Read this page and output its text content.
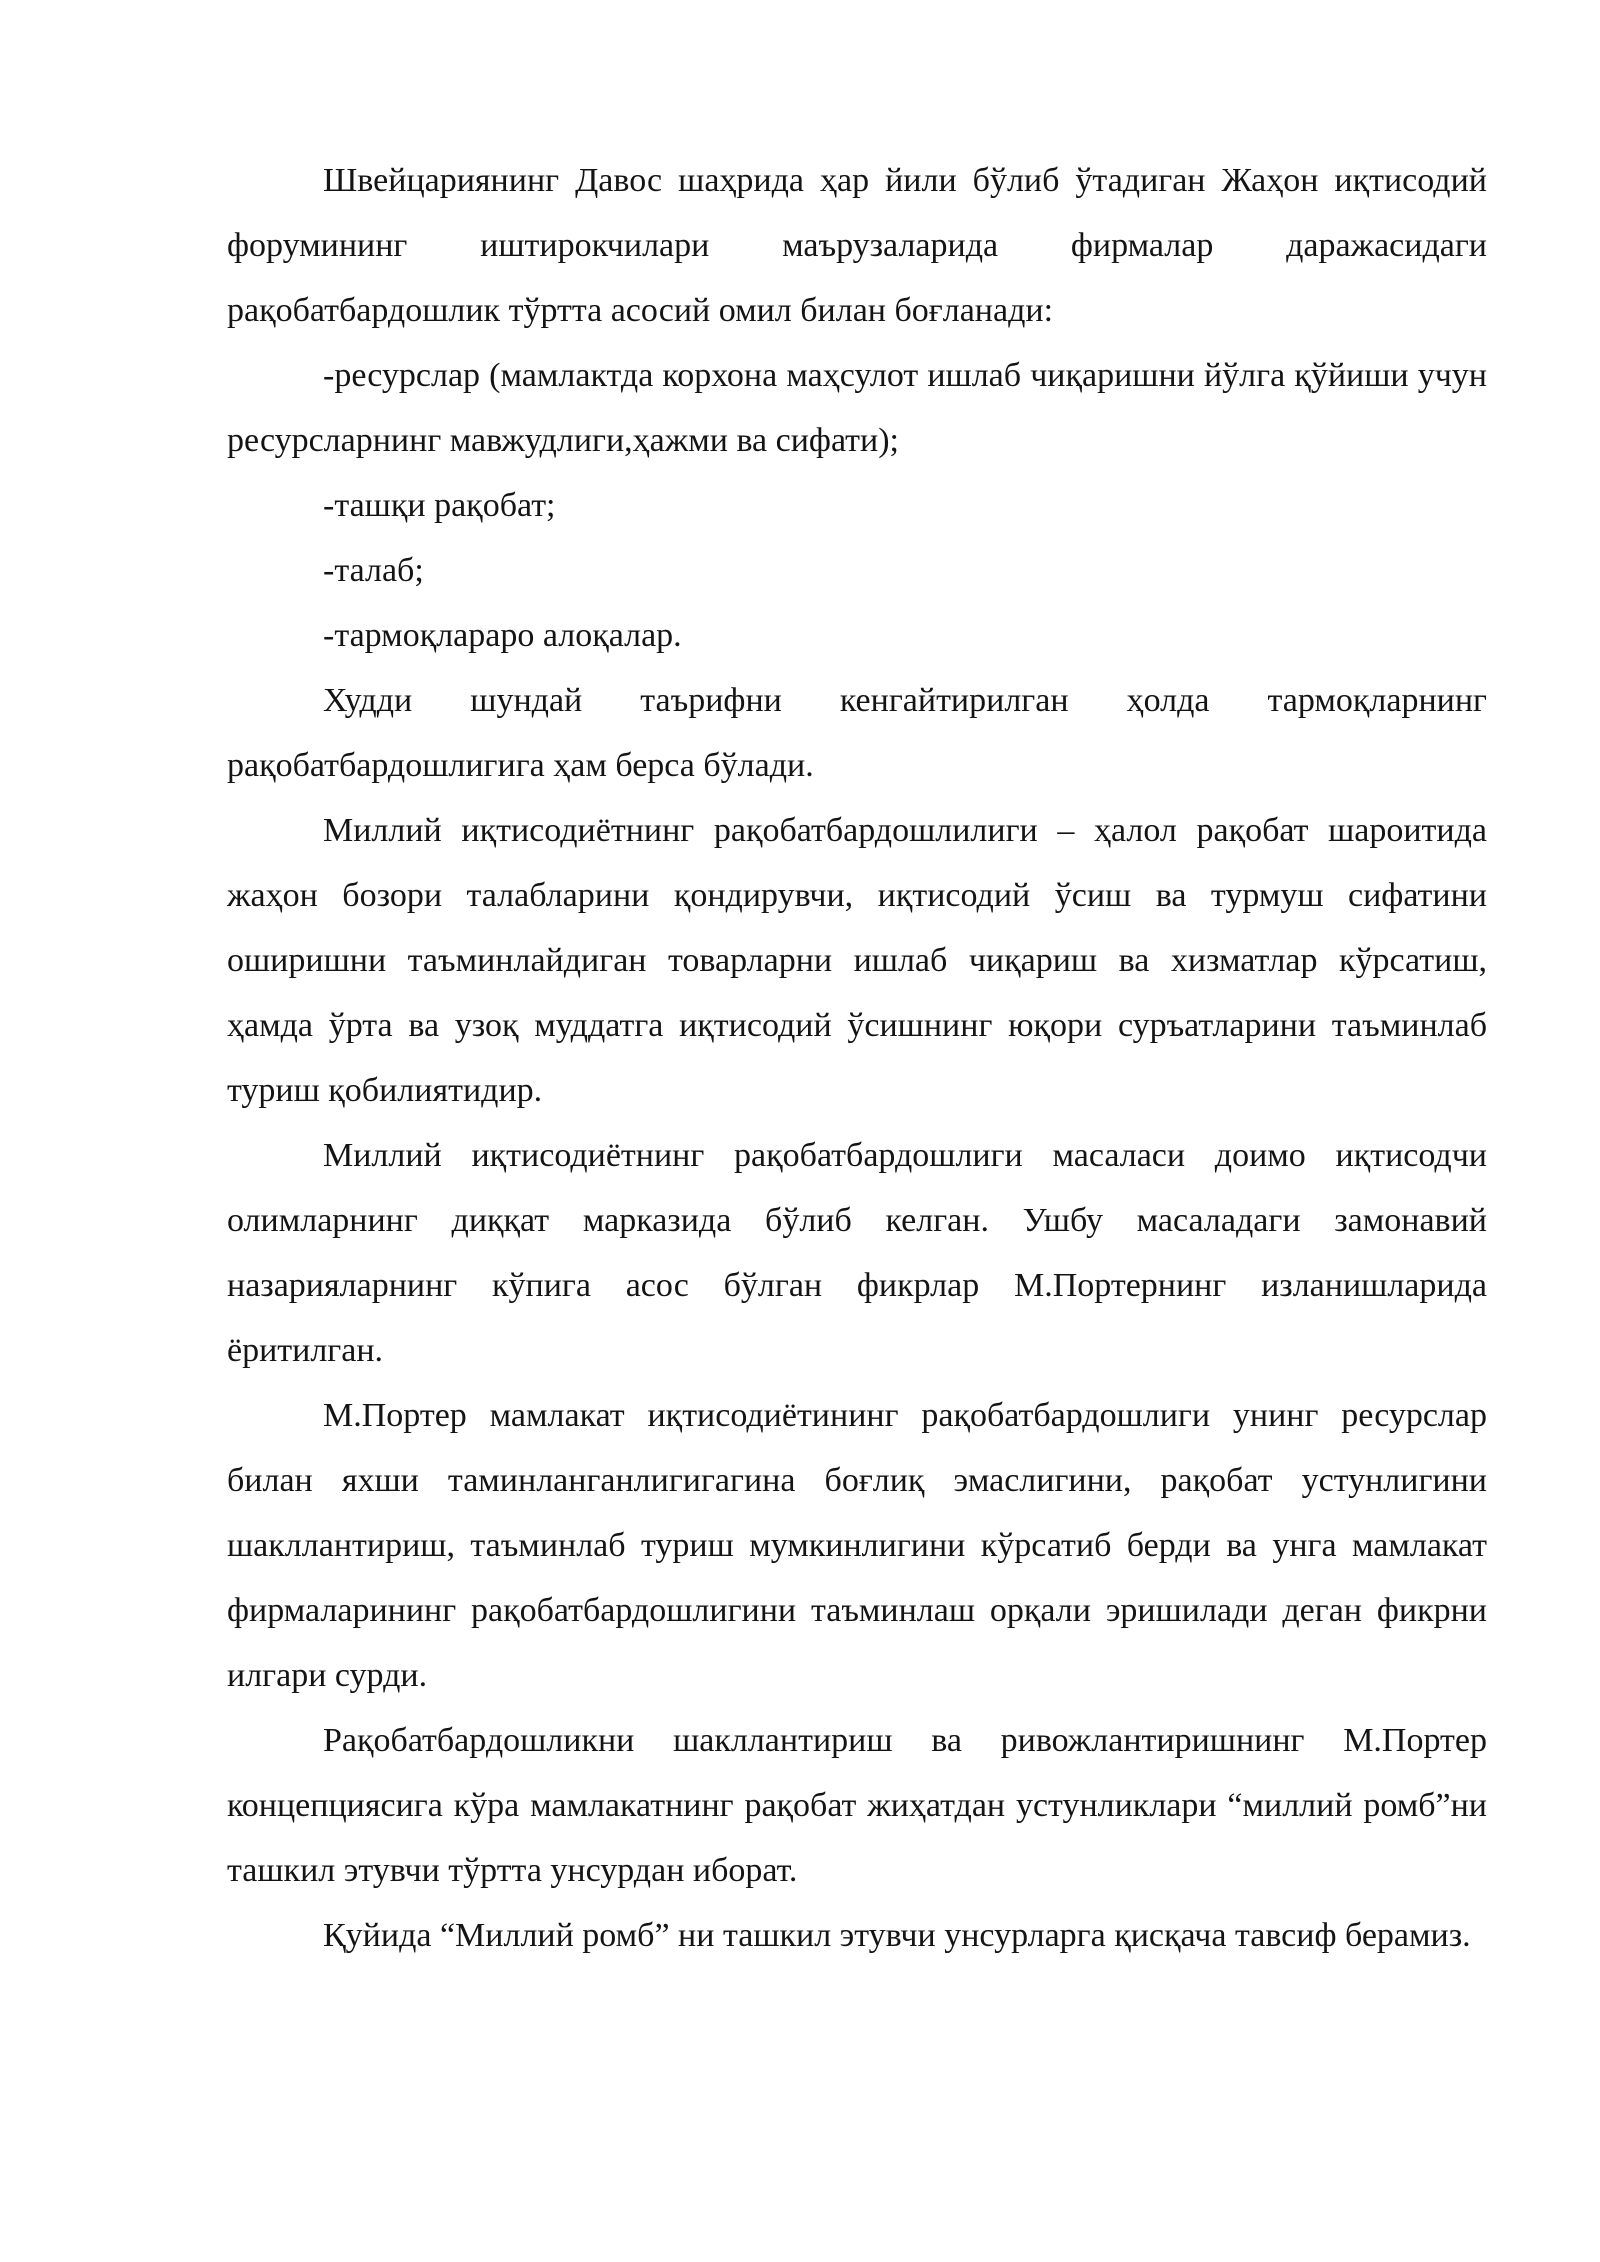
Швейцариянинг Давос шаҳрида ҳар йили бўлиб ўтадиган Жаҳон иқтисодий форумининг иштирокчилари маърузаларида фирмалар даражасидаги рақобатбардошлик тўртта асосий омил билан боғланади:

-ресурслар (мамлактда корхона маҳсулот ишлаб чиқаришни йўлга қўйиши учун ресурсларнинг мавжудлиги,ҳажми ва сифати);

-ташқи рақобат;

-талаб;

-тармоқлараро алоқалар.

Худди шундай таърифни кенгайтирилган ҳолда тармоқларнинг рақобатбардошлигига ҳам берса бўлади.

Миллий иқтисодиётнинг рақобатбардошлилиги – ҳалол рақобат шароитида жаҳон бозори талабларини қондирувчи, иқтисодий ўсиш ва турмуш сифатини оширишни таъминлайдиган товарларни ишлаб чиқариш ва хизматлар кўрсатиш, ҳамда ўрта ва узоқ муддатга иқтисодий ўсишнинг юқори суръатларини таъминлаб туриш қобилиятидир.

Миллий иқтисодиётнинг рақобатбардошлиги масаласи доимо иқтисодчи олимларнинг диққат марказида бўлиб келган. Ушбу масаладаги замонавий назарияларнинг кўпига асос бўлган фикрлар М.Портернинг изланишларида ёритилган.

М.Портер мамлакат иқтисодиётининг рақобатбардошлиги унинг ресурслар билан яхши таминланганлигигагина боғлиқ эмаслигини, рақобат устунлигини шакллантириш, таъминлаб туриш мумкинлигини кўрсатиб берди ва унга мамлакат фирмаларининг рақобатбардошлигини таъминлаш орқали эришилади деган фикрни илгари сурди.

Рақобатбардошликни шакллантириш ва ривожлантиришнинг М.Портер концепциясига кўра мамлакатнинг рақобат жиҳатдан устунликлари “миллий ромб”ни ташкил этувчи тўртта унсурдан иборат.

Қуйида “Миллий ромб” ни ташкил этувчи унсурларга қисқача тавсиф берамиз.
